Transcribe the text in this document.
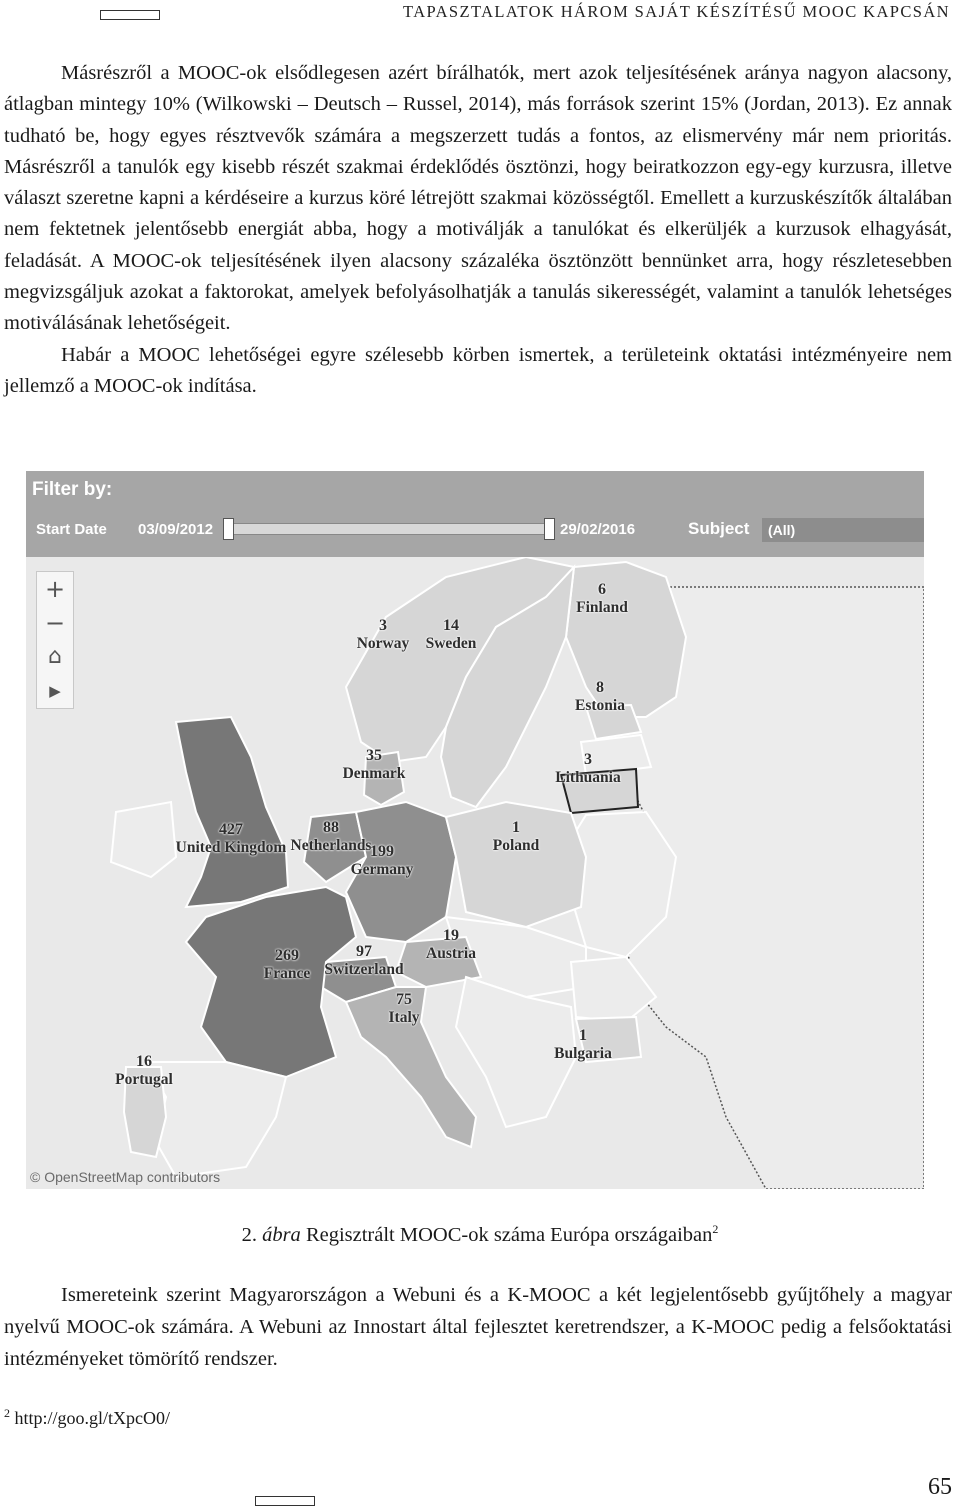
TAPASZTALATOK HÁROM SAJÁT KÉSZÍTÉSŰ MOOC KAPCSÁN

Másrészről a MOOC-ok elsődlegesen azért bírálhatók, mert azok teljesítésének aránya nagyon alacsony, átlagban mintegy 10% (Wilkowski – Deutsch – Russel, 2014), más források szerint 15% (Jordan, 2013). Ez annak tudható be, hogy egyes résztvevők számára a megszerzett tudás a fontos, az elismervény már nem prioritás. Másrészről a tanulók egy kisebb részét szakmai érdeklődés ösztönzi, hogy beiratkozzon egy-egy kurzusra, illetve választ szeretne kapni a kérdéseire a kurzus köré létrejött szakmai közösségtől. Emellett a kurzuskészítők általában nem fektetnek jelentősebb energiát abba, hogy a motiválják a tanulókat és elkerüljék a kurzusok elhagyását, feladását. A MOOC-ok teljesítésének ilyen alacsony százaléka ösztönzött bennünket arra, hogy részletesebben megvizsgáljuk azokat a faktorokat, amelyek befolyásolhatják a tanulás sikerességét, valamint a tanulók lehetséges motiválásának lehetőségeit.

Habár a MOOC lehetőségei egyre szélesebb körben ismertek, a területeink oktatási intézményeire nem jellemző a MOOC-ok indítása.

Filter by:
Start Date 03/09/2012	29/02/2016	Subject (All)
+
−
⌂
▶
6
Finland
3
Norway
14
Sweden
8
Estonia
35
Denmark
3
Lithuania
427
United Kingdom
88
Netherlands
199
Germany
1
Poland
269
France
97
Switzerland
19
Austria
75
Italy
1
Bulgaria
16
Portugal
© OpenStreetMap contributors
2. ábra Regisztrált MOOC-ok száma Európa országaiban$^2$

Ismereteink szerint Magyarországon a Webuni és a K-MOOC a két legjelentősebb gyűjtőhely a magyar nyelvű MOOC-ok számára. A Webuni az Innostart által fejlesztet keretrendszer, a K-MOOC pedig a felsőoktatási intézményeket tömörítő rendszer.

$^2$ http://goo.gl/tXpcO0/
65
